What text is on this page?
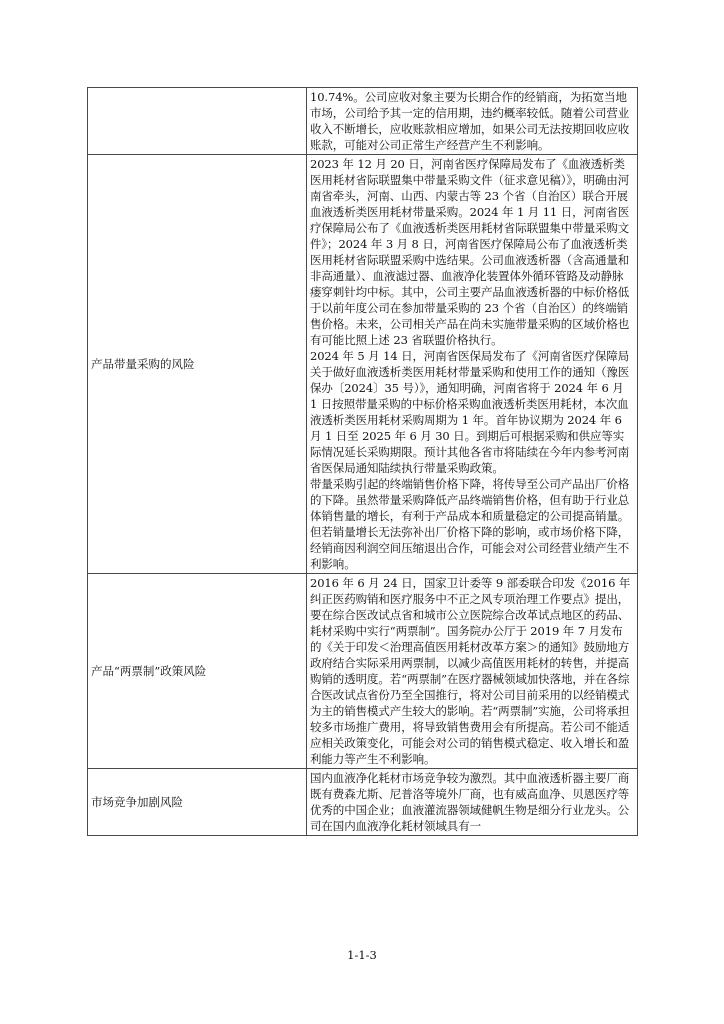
	10.74%。公司应收对象主要为长期合作的经销商，为拓宽当地市场，公司给予其一定的信用期，违约概率较低。随着公司营业收入不断增长，应收账款相应增加，如果公司无法按期回收应收账款，可能对公司正常生产经营产生不利影响。

产品带量采购的风险	2023 年 12 月 20 日，河南省医疗保障局发布了《血液透析类医用耗材省际联盟集中带量采购文件（征求意见稿）》，明确由河南省牵头，河南、山西、内蒙古等 23 个省（自治区）联合开展血液透析类医用耗材带量采购。2024 年 1 月 11 日，河南省医疗保障局公布了《血液透析类医用耗材省际联盟集中带量采购文件》；2024 年 3 月 8 日，河南省医疗保障局公布了血液透析类医用耗材省际联盟采购中选结果。公司血液透析器（含高通量和非高通量）、血液滤过器、血液净化装置体外循环管路及动静脉瘘穿刺针均中标。其中，公司主要产品血液透析器的中标价格低于以前年度公司在参加带量采购的 23 个省（自治区）的终端销售价格。未来，公司相关产品在尚未实施带量采购的区域价格也有可能比照上述 23 省联盟价格执行。

2024 年 5 月 14 日，河南省医保局发布了《河南省医疗保障局关于做好血液透析类医用耗材带量采购和使用工作的通知（豫医保办〔2024〕35 号）》，通知明确，河南省将于 2024 年 6 月 1 日按照带量采购的中标价格采购血液透析类医用耗材，本次血液透析类医用耗材采购周期为 1 年。首年协议期为 2024 年 6 月 1 日至 2025 年 6 月 30 日。到期后可根据采购和供应等实际情况延长采购期限。预计其他各省市将陆续在今年内参考河南省医保局通知陆续执行带量采购政策。

带量采购引起的终端销售价格下降，将传导至公司产品出厂价格的下降。虽然带量采购降低产品终端销售价格，但有助于行业总体销售量的增长，有利于产品成本和质量稳定的公司提高销量。但若销量增长无法弥补出厂价格下降的影响，或市场价格下降，经销商因利润空间压缩退出合作，可能会对公司经营业绩产生不利影响。

产品“两票制”政策风险	2016 年 6 月 24 日，国家卫计委等 9 部委联合印发《2016 年纠正医药购销和医疗服务中不正之风专项治理工作要点》提出，要在综合医改试点省和城市公立医院综合改革试点地区的药品、耗材采购中实行“两票制”。国务院办公厅于 2019 年 7 月发布的《关于印发＜治理高值医用耗材改革方案＞的通知》鼓励地方政府结合实际采用两票制，以减少高值医用耗材的转售，并提高购销的透明度。若“两票制”在医疗器械领域加快落地，并在各综合医改试点省份乃至全国推行，将对公司目前采用的以经销模式为主的销售模式产生较大的影响。若“两票制”实施，公司将承担较多市场推广费用，将导致销售费用会有所提高。若公司不能适应相关政策变化，可能会对公司的销售模式稳定、收入增长和盈利能力等产生不利影响。

市场竞争加剧风险	国内血液净化耗材市场竞争较为激烈。其中血液透析器主要厂商既有费森尤斯、尼普洛等境外厂商，也有威高血净、贝恩医疗等优秀的中国企业；血液灌流器领域健帆生物是细分行业龙头。公司在国内血液净化耗材领域具有一

1-1-3
